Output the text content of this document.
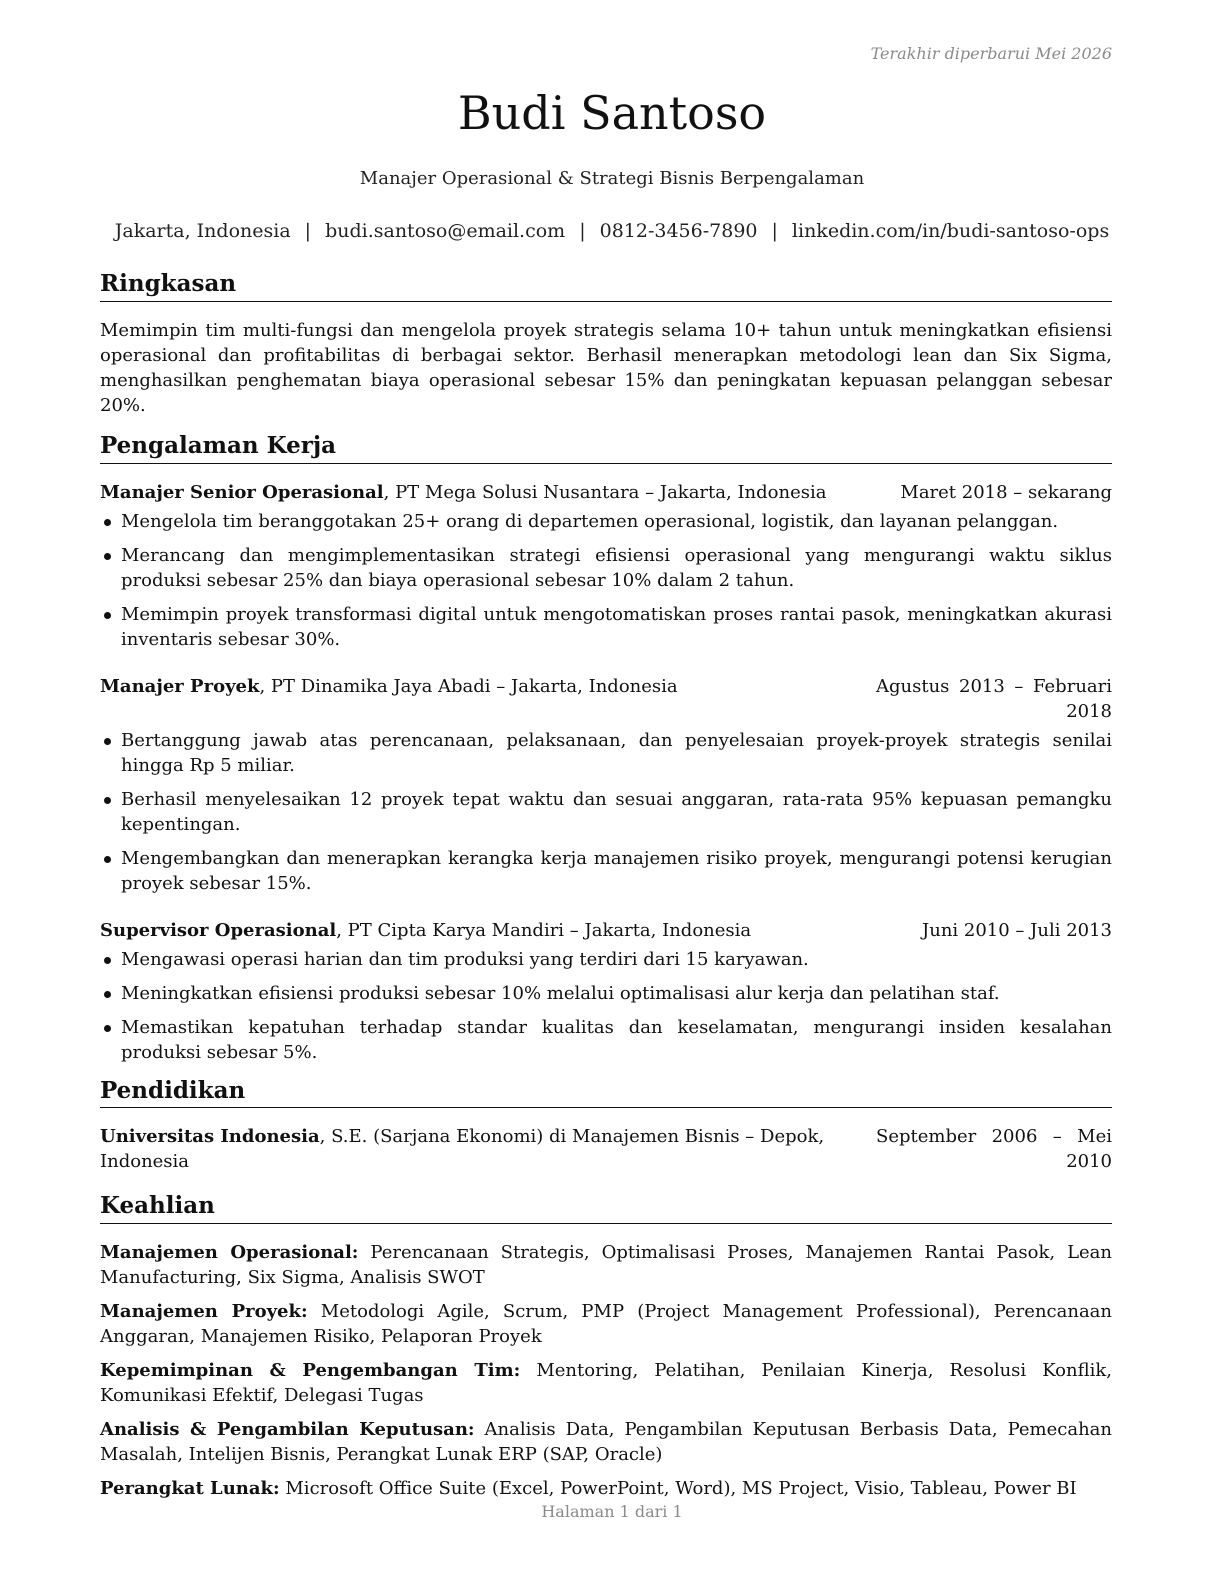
Terakhir diperbarui Mei 2026
Budi Santoso
Manajer Operasional & Strategi Bisnis Berpengalaman
Jakarta, Indonesia | budi.santoso@email.com | 0812-3456-7890 | linkedin.com/in/budi-santoso-ops
Ringkasan

Memimpin tim multi-fungsi dan mengelola proyek strategis selama 10+ tahun untuk meningkatkan efisiensi operasional dan profitabilitas di berbagai sektor. Berhasil menerapkan metodologi lean dan Six Sigma, menghasilkan penghematan biaya operasional sebesar 15% dan peningkatan kepuasan pelanggan sebesar 20%.

Pengalaman Kerja
Manajer Senior Operasional, PT Mega Solusi Nusantara – Jakarta, Indonesia	Maret 2018 – sekarang
Mengelola tim beranggotakan 25+ orang di departemen operasional, logistik, dan layanan pelanggan.
Merancang dan mengimplementasikan strategi efisiensi operasional yang mengurangi waktu siklus produksi sebesar 25% dan biaya operasional sebesar 10% dalam 2 tahun.
Memimpin proyek transformasi digital untuk mengotomatiskan proses rantai pasok, meningkatkan akurasi inventaris sebesar 30%.
Manajer Proyek, PT Dinamika Jaya Abadi – Jakarta, Indonesia	Agustus 2013 – Februari 2018
Bertanggung jawab atas perencanaan, pelaksanaan, dan penyelesaian proyek-proyek strategis senilai hingga Rp 5 miliar.
Berhasil menyelesaikan 12 proyek tepat waktu dan sesuai anggaran, rata-rata 95% kepuasan pemangku kepentingan.
Mengembangkan dan menerapkan kerangka kerja manajemen risiko proyek, mengurangi potensi kerugian proyek sebesar 15%.
Supervisor Operasional, PT Cipta Karya Mandiri – Jakarta, Indonesia	Juni 2010 – Juli 2013
Mengawasi operasi harian dan tim produksi yang terdiri dari 15 karyawan.
Meningkatkan efisiensi produksi sebesar 10% melalui optimalisasi alur kerja dan pelatihan staf.
Memastikan kepatuhan terhadap standar kualitas dan keselamatan, mengurangi insiden kesalahan produksi sebesar 5%.
Pendidikan
Universitas Indonesia, S.E. (Sarjana Ekonomi) di Manajemen Bisnis – Depok, Indonesia
September 2006 – Mei 2010
Keahlian
Manajemen Operasional: Perencanaan Strategis, Optimalisasi Proses, Manajemen Rantai Pasok, Lean Manufacturing, Six Sigma, Analisis SWOT
Manajemen Proyek: Metodologi Agile, Scrum, PMP (Project Management Professional), Perencanaan Anggaran, Manajemen Risiko, Pelaporan Proyek
Kepemimpinan & Pengembangan Tim: Mentoring, Pelatihan, Penilaian Kinerja, Resolusi Konflik, Komunikasi Efektif, Delegasi Tugas
Analisis & Pengambilan Keputusan: Analisis Data, Pengambilan Keputusan Berbasis Data, Pemecahan Masalah, Intelijen Bisnis, Perangkat Lunak ERP (SAP, Oracle)
Perangkat Lunak: Microsoft Office Suite (Excel, PowerPoint, Word), MS Project, Visio, Tableau, Power BI
Halaman 1 dari 1
